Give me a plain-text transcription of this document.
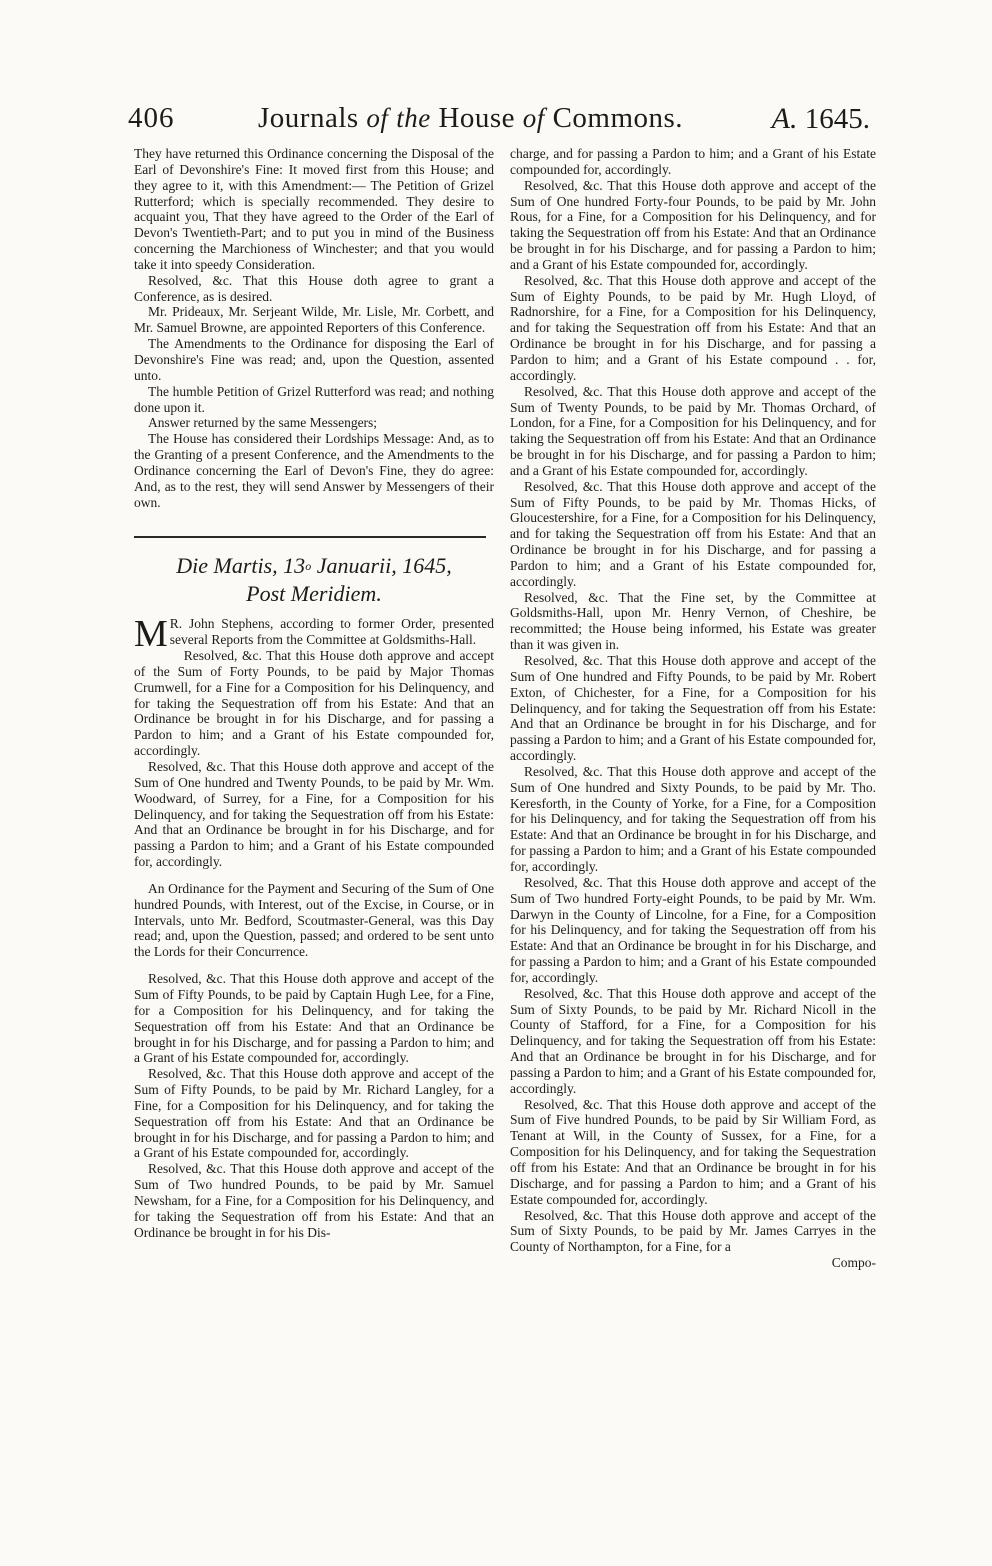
406	Journals of the House of Commons.	A. 1645.

They have returned this Ordinance concerning the Disposal of the Earl of Devonshire's Fine: It moved first from this House; and they agree to it, with this Amendment:— The Petition of Grizel Rutterford; which is specially recommended. They desire to acquaint you, That they have agreed to the Order of the Earl of Devon's Twentieth-Part; and to put you in mind of the Business concerning the Marchioness of Winchester; and that you would take it into speedy Consideration.

Resolved, &c. That this House doth agree to grant a Conference, as is desired.

Mr. Prideaux, Mr. Serjeant Wilde, Mr. Lisle, Mr. Corbett, and Mr. Samuel Browne, are appointed Reporters of this Conference.

The Amendments to the Ordinance for disposing the Earl of Devonshire's Fine was read; and, upon the Question, assented unto.

The humble Petition of Grizel Rutterford was read; and nothing done upon it.

Answer returned by the same Messengers;

The House has considered their Lordships Message: And, as to the Granting of a present Conference, and the Amendments to the Ordinance concerning the Earl of Devon's Fine, they do agree: And, as to the rest, they will send Answer by Messengers of their own.

Die Martis, 13$^o$ Januarii, 1645,
Post Meridiem.

M R. John Stephens, according to former Order, presented several Reports from the Committee at Goldsmiths-Hall.

Resolved, &c. That this House doth approve and accept of the Sum of Forty Pounds, to be paid by Major Thomas Crumwell, for a Fine for a Composition for his Delinquency, and for taking the Sequestration off from his Estate: And that an Ordinance be brought in for his Discharge, and for passing a Pardon to him; and a Grant of his Estate compounded for, accordingly.

Resolved, &c. That this House doth approve and accept of the Sum of One hundred and Twenty Pounds, to be paid by Mr. Wm. Woodward, of Surrey, for a Fine, for a Composition for his Delinquency, and for taking the Sequestration off from his Estate: And that an Ordinance be brought in for his Discharge, and for passing a Pardon to him; and a Grant of his Estate compounded for, accordingly.

An Ordinance for the Payment and Securing of the Sum of One hundred Pounds, with Interest, out of the Excise, in Course, or in Intervals, unto Mr. Bedford, Scoutmaster-General, was this Day read; and, upon the Question, passed; and ordered to be sent unto the Lords for their Concurrence.

Resolved, &c. That this House doth approve and accept of the Sum of Fifty Pounds, to be paid by Captain Hugh Lee, for a Fine, for a Composition for his Delinquency, and for taking the Sequestration off from his Estate: And that an Ordinance be brought in for his Discharge, and for passing a Pardon to him; and a Grant of his Estate compounded for, accordingly.

Resolved, &c. That this House doth approve and accept of the Sum of Fifty Pounds, to be paid by Mr. Richard Langley, for a Fine, for a Composition for his Delinquency, and for taking the Sequestration off from his Estate: And that an Ordinance be brought in for his Discharge, and for passing a Pardon to him; and a Grant of his Estate compounded for, accordingly.

Resolved, &c. That this House doth approve and accept of the Sum of Two hundred Pounds, to be paid by Mr. Samuel Newsham, for a Fine, for a Composition for his Delinquency, and for taking the Sequestration off from his Estate: And that an Ordinance be brought in for his Dis-

charge, and for passing a Pardon to him; and a Grant of his Estate compounded for, accordingly.

Resolved, &c. That this House doth approve and accept of the Sum of One hundred Forty-four Pounds, to be paid by Mr. John Rous, for a Fine, for a Composition for his Delinquency, and for taking the Sequestration off from his Estate: And that an Ordinance be brought in for his Discharge, and for passing a Pardon to him; and a Grant of his Estate compounded for, accordingly.

Resolved, &c. That this House doth approve and accept of the Sum of Eighty Pounds, to be paid by Mr. Hugh Lloyd, of Radnorshire, for a Fine, for a Composition for his Delinquency, and for taking the Sequestration off from his Estate: And that an Ordinance be brought in for his Discharge, and for passing a Pardon to him; and a Grant of his Estate compound . . for, accordingly.

Resolved, &c. That this House doth approve and accept of the Sum of Twenty Pounds, to be paid by Mr. Thomas Orchard, of London, for a Fine, for a Composition for his Delinquency, and for taking the Sequestration off from his Estate: And that an Ordinance be brought in for his Discharge, and for passing a Pardon to him; and a Grant of his Estate compounded for, accordingly.

Resolved, &c. That this House doth approve and accept of the Sum of Fifty Pounds, to be paid by Mr. Thomas Hicks, of Gloucestershire, for a Fine, for a Composition for his Delinquency, and for taking the Sequestration off from his Estate: And that an Ordinance be brought in for his Discharge, and for passing a Pardon to him; and a Grant of his Estate compounded for, accordingly.

Resolved, &c. That the Fine set, by the Committee at Goldsmiths-Hall, upon Mr. Henry Vernon, of Cheshire, be recommitted; the House being informed, his Estate was greater than it was given in.

Resolved, &c. That this House doth approve and accept of the Sum of One hundred and Fifty Pounds, to be paid by Mr. Robert Exton, of Chichester, for a Fine, for a Composition for his Delinquency, and for taking the Sequestration off from his Estate: And that an Ordinance be brought in for his Discharge, and for passing a Pardon to him; and a Grant of his Estate compounded for, accordingly.

Resolved, &c. That this House doth approve and accept of the Sum of One hundred and Sixty Pounds, to be paid by Mr. Tho. Keresforth, in the County of Yorke, for a Fine, for a Composition for his Delinquency, and for taking the Sequestration off from his Estate: And that an Ordinance be brought in for his Discharge, and for passing a Pardon to him; and a Grant of his Estate compounded for, accordingly.

Resolved, &c. That this House doth approve and accept of the Sum of Two hundred Forty-eight Pounds, to be paid by Mr. Wm. Darwyn in the County of Lincolne, for a Fine, for a Composition for his Delinquency, and for taking the Sequestration off from his Estate: And that an Ordinance be brought in for his Discharge, and for passing a Pardon to him; and a Grant of his Estate compounded for, accordingly.

Resolved, &c. That this House doth approve and accept of the Sum of Sixty Pounds, to be paid by Mr. Richard Nicoll in the County of Stafford, for a Fine, for a Composition for his Delinquency, and for taking the Sequestration off from his Estate: And that an Ordinance be brought in for his Discharge, and for passing a Pardon to him; and a Grant of his Estate compounded for, accordingly.

Resolved, &c. That this House doth approve and accept of the Sum of Five hundred Pounds, to be paid by Sir William Ford, as Tenant at Will, in the County of Sussex, for a Fine, for a Composition for his Delinquency, and for taking the Sequestration off from his Estate: And that an Ordinance be brought in for his Discharge, and for passing a Pardon to him; and a Grant of his Estate compounded for, accordingly.

Resolved, &c. That this House doth approve and accept of the Sum of Sixty Pounds, to be paid by Mr. James Carryes in the County of Northampton, for a Fine, for a

Compo-
